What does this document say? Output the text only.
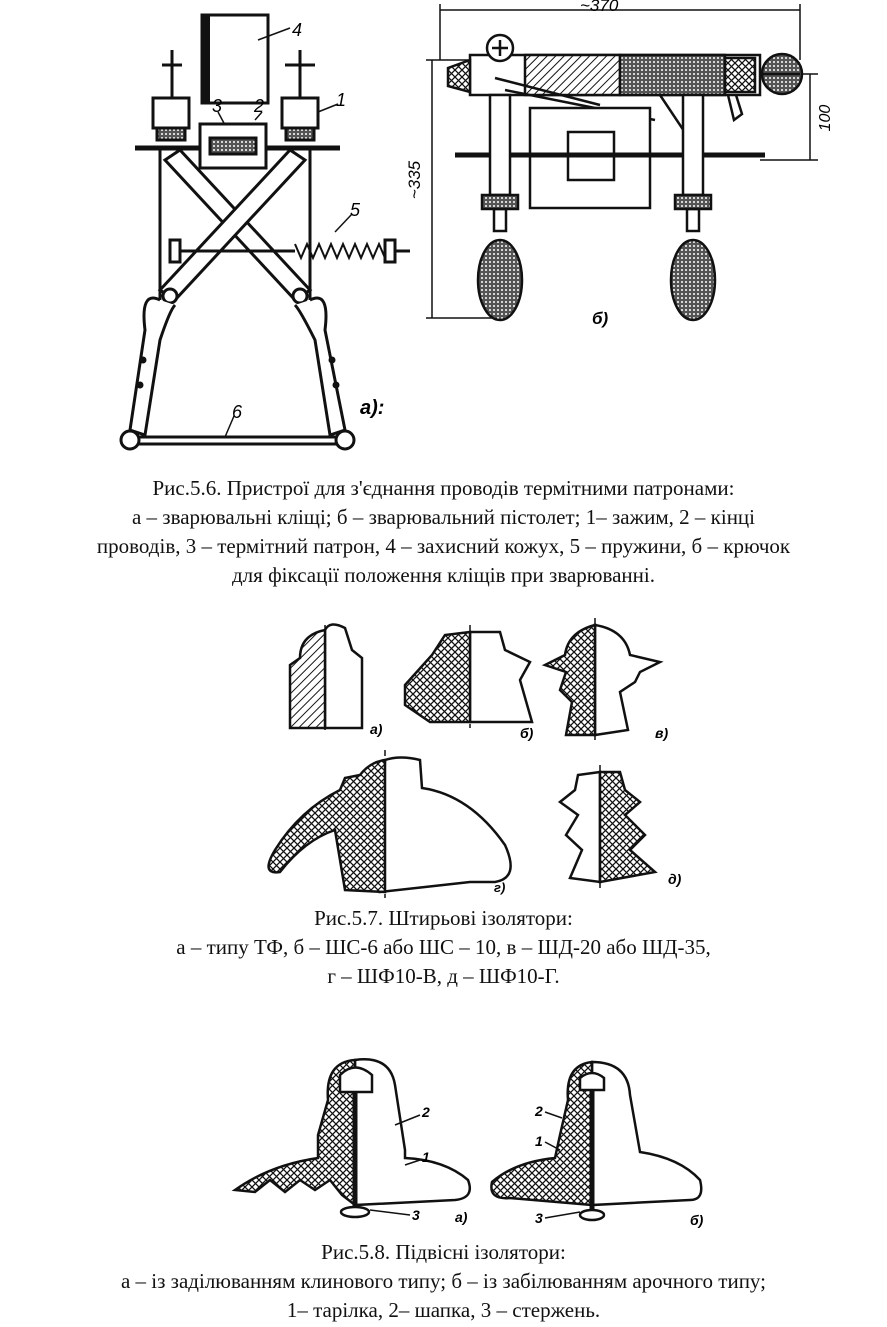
4
1
2
3
5
6	а):
~370
~335
100
б)
Рис.5.6. Пристрої для з'єднання проводів термітними патронами:
а – зварювальні кліщі; б – зварювальний пістолет; 1– зажим, 2 – кінці
проводів, 3 – термітний патрон, 4 – захисний кожух, 5 – пружини, б – крючок
для фіксації положення кліщів при зварюванні.
а)	б)	в)
г)
д)
Рис.5.7. Штирьові ізолятори:
а – типу ТФ, б – ШС-6 або ШС – 10, в – ШД-20 або ШД-35,
г – ШФ10-В, д – ШФ10-Г.
2
1
3	а)
2
1
3	б)
Рис.5.8. Підвісні ізолятори:
а – із заділюванням клинового типу; б – із забілюванням арочного типу;
1– тарілка, 2– шапка, 3 – стержень.
